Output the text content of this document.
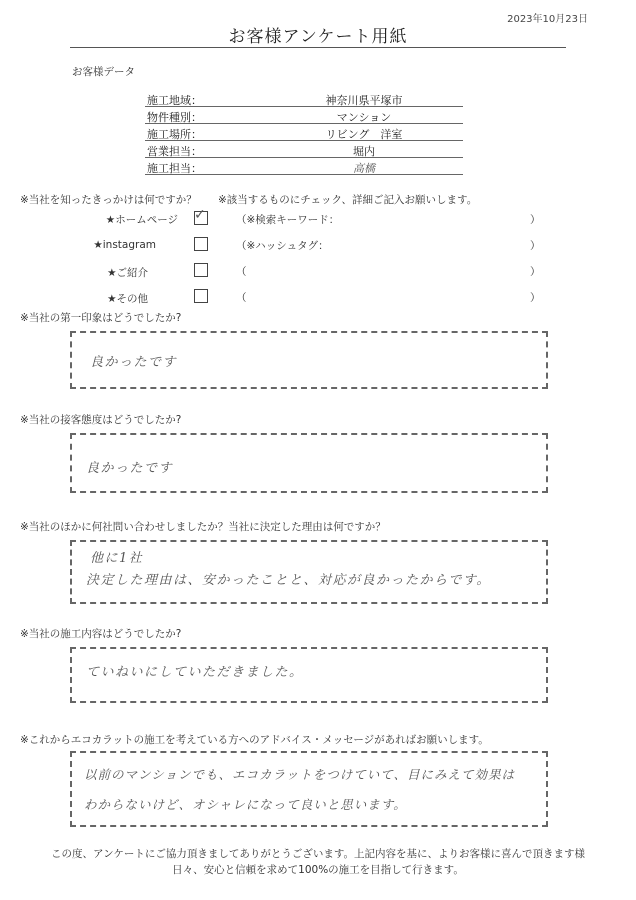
2023年10月23日
お客様アンケート用紙
お客様データ
施工地域：	神奈川県平塚市
物件種別：	マンション
施工場所：	リビング　洋室
営業担当：	堀内
施工担当：	高橋
※当社を知ったきっかけは何ですか？ ※該当するものにチェック、詳細ご記入お願いします。
★ホームページ ✓	（※検索キーワード：	）
★instagram	（※ハッシュタグ：	）
★ご紹介	（	）
★その他	（	）
※当社の第一印象はどうでしたか?
良かったです
※当社の接客態度はどうでしたか?
良かったです
※当社のほかに何社問い合わせしましたか？当社に決定した理由は何ですか？
他に1社
決定した理由は、安かったことと、対応が良かったからです。
※当社の施工内容はどうでしたか?
ていねいにしていただきました。
※これからエコカラットの施工を考えている方へのアドバイス・メッセージがあればお願いします。
以前のマンションでも、エコカラットをつけていて、目にみえて効果は
わからないけど、オシャレになって良いと思います。
この度、アンケートにご協力頂きましてありがとうございます。上記内容を基に、よりお客様に喜んで頂きます様
日々、安心と信頼を求めて100%の施工を目指して行きます。
